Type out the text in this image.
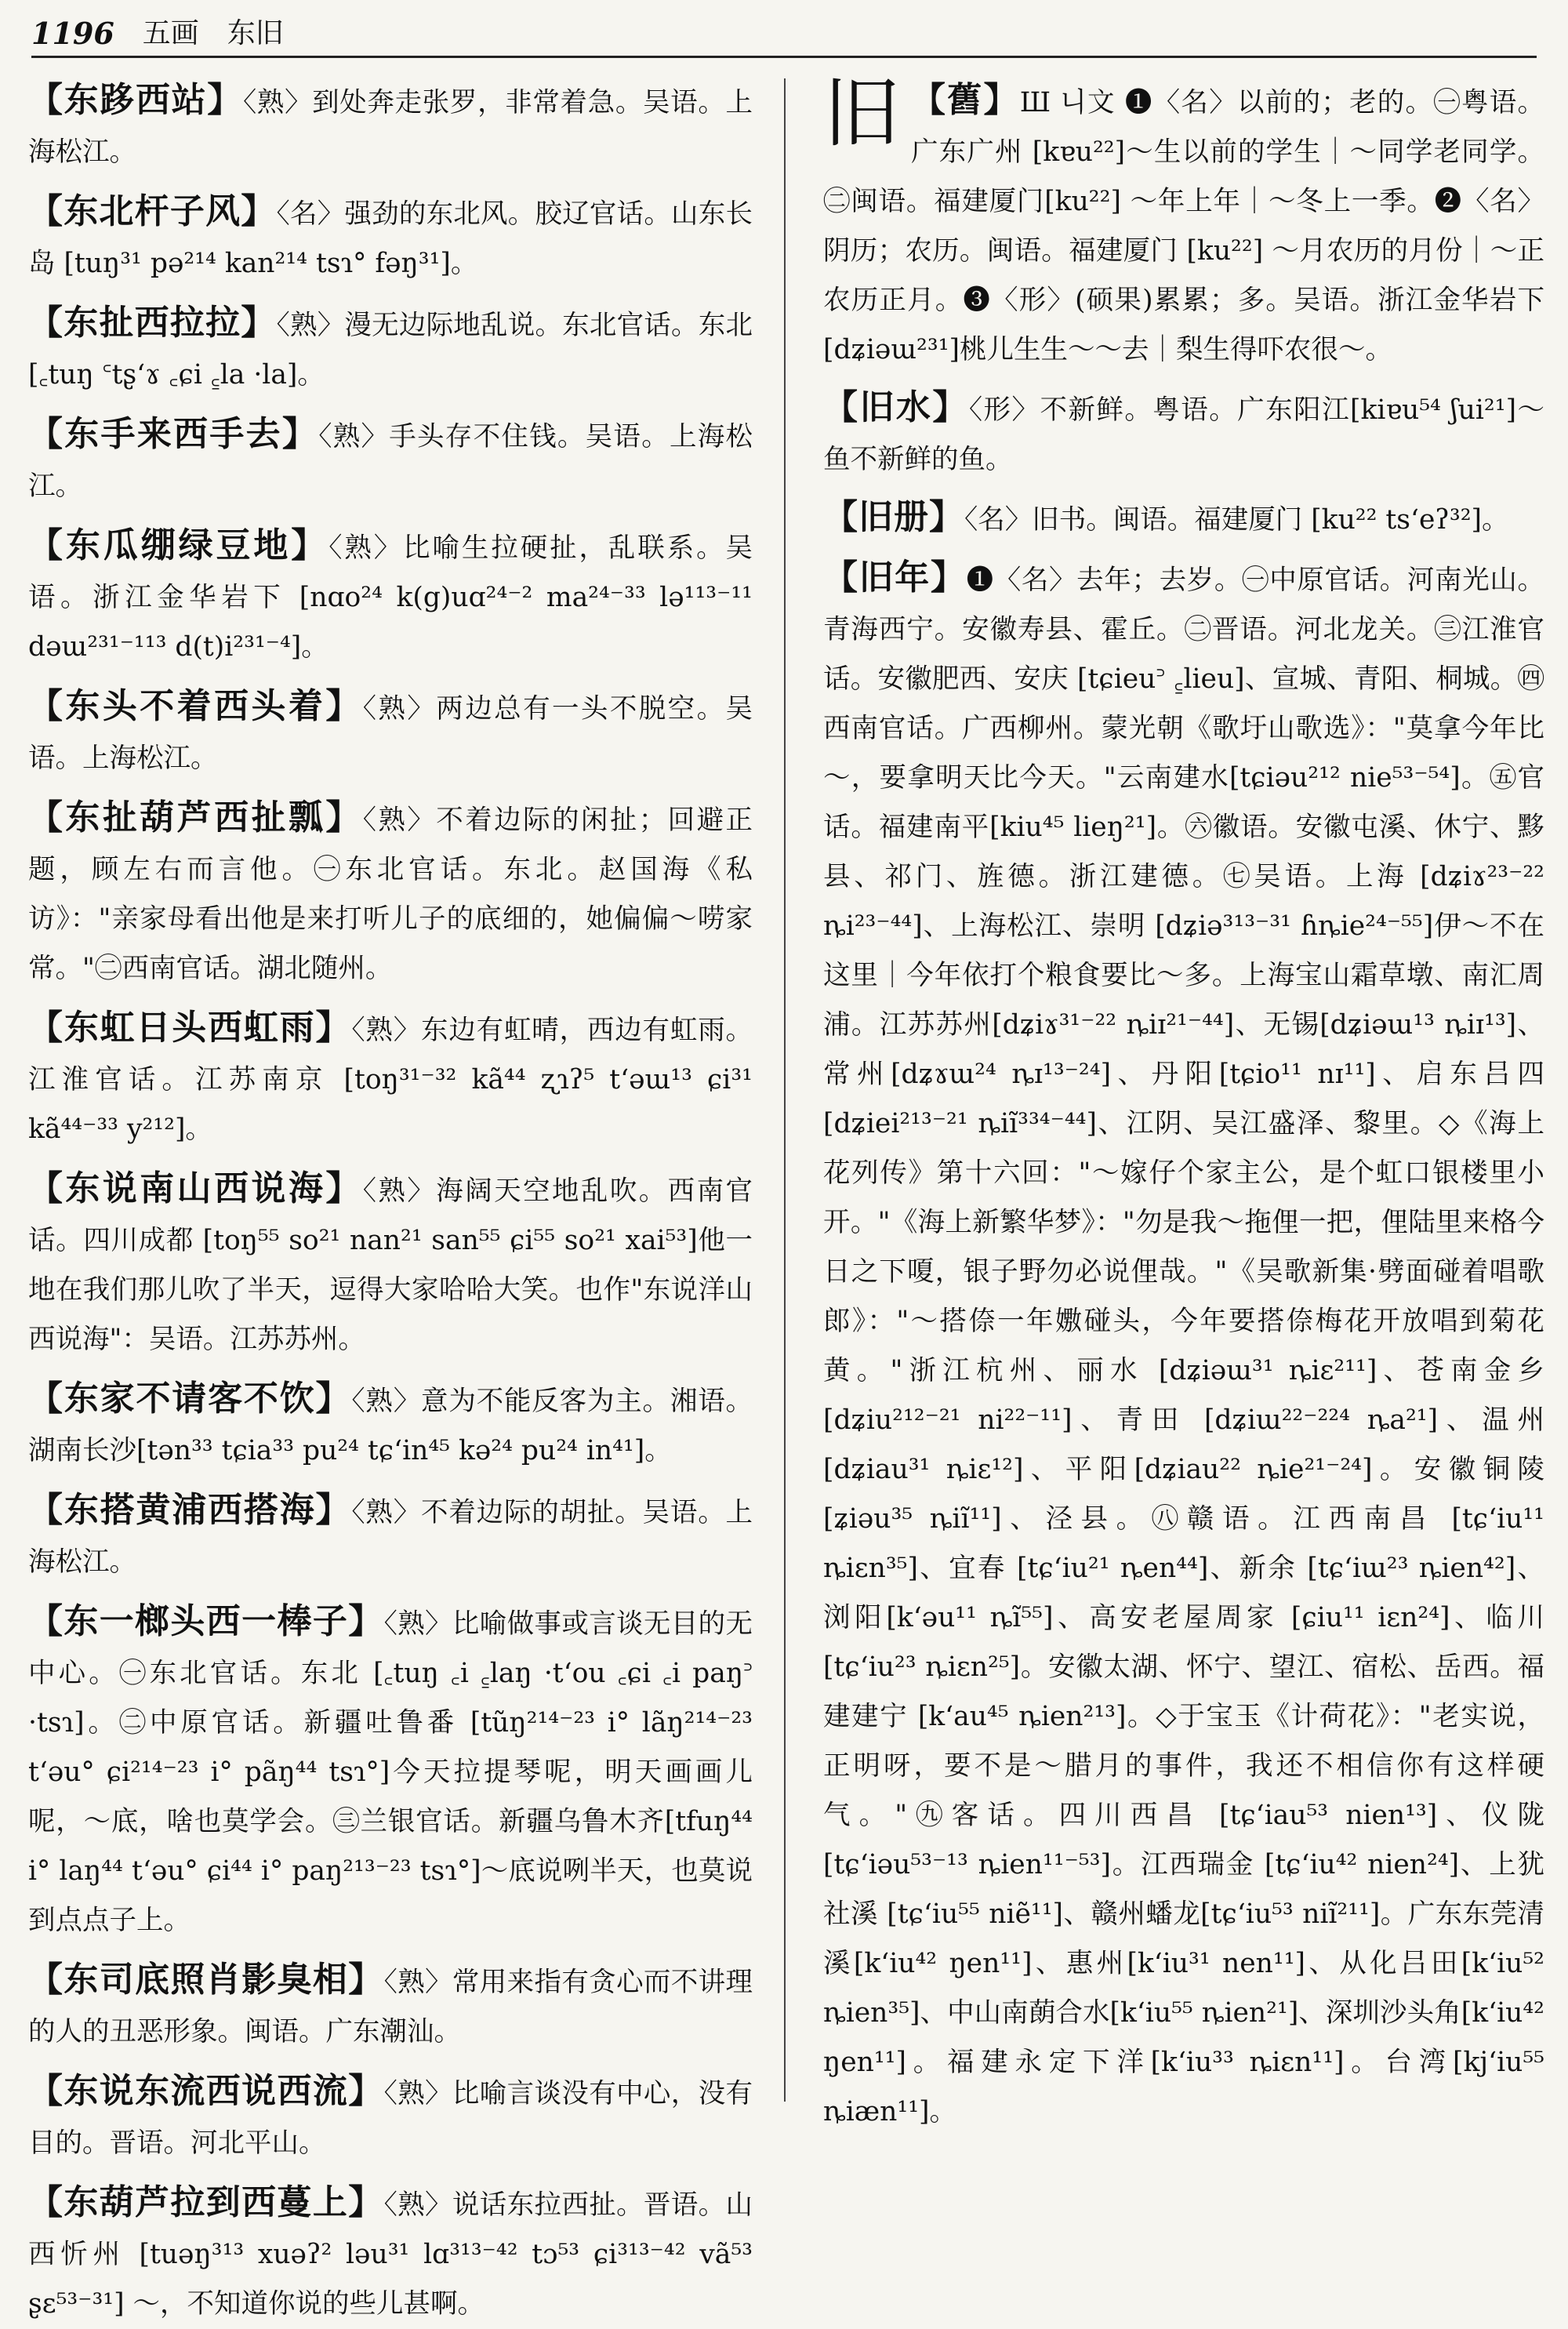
1196 五画 东旧

【东跢西站】〈熟〉到处奔走张罗，非常着急。吴语。上海松江。

【东北杆子风】〈名〉强劲的东北风。胶辽官话。山东长岛 [tuŋ³¹ pə²¹⁴ kan²¹⁴ tsɿ° fəŋ³¹]。

【东扯西拉拉】〈熟〉漫无边际地乱说。东北官话。东北 [꜀tuŋ ꜂tʂʻɤ ꜀ɕi ꜁la ·la]。

【东手来西手去】〈熟〉手头存不住钱。吴语。上海松江。

【东瓜绷绿豆地】〈熟〉比喻生拉硬扯，乱联系。吴语。浙江金华岩下 [nɑo²⁴ k(g)uɑ²⁴⁻² ma²⁴⁻³³ lə¹¹³⁻¹¹ dəɯ²³¹⁻¹¹³ d(t)i²³¹⁻⁴]。

【东头不着西头着】〈熟〉两边总有一头不脱空。吴语。上海松江。

【东扯葫芦西扯瓢】〈熟〉不着边际的闲扯；回避正题，顾左右而言他。㊀东北官话。东北。赵国海《私访》："亲家母看出他是来打听儿子的底细的，她偏偏～唠家常。"㊁西南官话。湖北随州。

【东虹日头西虹雨】〈熟〉东边有虹晴，西边有虹雨。江淮官话。江苏南京 [toŋ³¹⁻³² kã⁴⁴ ʐɿʔ⁵ tʻəɯ¹³ ɕi³¹ kã⁴⁴⁻³³ y²¹²]。

【东说南山西说海】〈熟〉海阔天空地乱吹。西南官话。四川成都 [toŋ⁵⁵ so²¹ nan²¹ san⁵⁵ ɕi⁵⁵ so²¹ xai⁵³]他一地在我们那儿吹了半天，逗得大家哈哈大笑。也作"东说洋山西说海"：吴语。江苏苏州。

【东家不请客不饮】〈熟〉意为不能反客为主。湘语。湖南长沙[tən³³ tɕia³³ pu²⁴ tɕʻin⁴⁵ kə²⁴ pu²⁴ in⁴¹]。

【东搭黄浦西搭海】〈熟〉不着边际的胡扯。吴语。上海松江。

【东一榔头西一棒子】〈熟〉比喻做事或言谈无目的无中心。㊀东北官话。东北 [꜀tuŋ ꜀i ꜁laŋ ·tʻou ꜀ɕi ꜀i paŋ꜄ ·tsɿ]。㊁中原官话。新疆吐鲁番 [tũŋ²¹⁴⁻²³ i° lãŋ²¹⁴⁻²³ tʻəu° ɕi²¹⁴⁻²³ i° pãŋ⁴⁴ tsɿ°]今天拉提琴呢，明天画画儿呢，～底，啥也莫学会。㊂兰银官话。新疆乌鲁木齐[tfuŋ⁴⁴ i° laŋ⁴⁴ tʻəu° ɕi⁴⁴ i° paŋ²¹³⁻²³ tsɿ°]～底说咧半天，也莫说到点点子上。

【东司底照肖影臭相】〈熟〉常用来指有贪心而不讲理的人的丑恶形象。闽语。广东潮汕。

【东说东流西说西流】〈熟〉比喻言谈没有中心，没有目的。晋语。河北平山。

【东葫芦拉到西蔓上】〈熟〉说话东拉西扯。晋语。山西忻州 [tuəŋ³¹³ xuəʔ² ləu³¹ lɑ³¹³⁻⁴² tɔ⁵³ ɕi³¹³⁻⁴² vã⁵³ ʂɛ⁵³⁻³¹] ～，不知道你说的些儿甚啊。

旧 【舊】Ш 니文 ❶〈名〉以前的；老的。㊀粤语。广东广州 [kɐu²²]～生以前的学生｜～同学老同学。㊁闽语。福建厦门[ku²²] ～年上年｜～冬上一季。❷〈名〉阴历；农历。闽语。福建厦门 [ku²²] ～月农历的月份｜～正农历正月。❸〈形〉(硕果)累累；多。吴语。浙江金华岩下 [dʑiəɯ²³¹]桃儿生生～～去｜梨生得吓农很～。

【旧水】〈形〉不新鲜。粤语。广东阳江[kiɐu⁵⁴ ʃui²¹]～鱼不新鲜的鱼。

【旧册】〈名〉旧书。闽语。福建厦门 [ku²² tsʻeʔ³²]。

【旧年】❶〈名〉去年；去岁。㊀中原官话。河南光山。青海西宁。安徽寿县、霍丘。㊁晋语。河北龙关。㊂江淮官话。安徽肥西、安庆 [tɕieu꜄ ꜁lieu]、宣城、青阳、桐城。㊃西南官话。广西柳州。蒙光朝《歌圩山歌选》："莫拿今年比～，要拿明天比今天。"云南建水[tɕiəu²¹² nie⁵³⁻⁵⁴]。㊄官话。福建南平[kiu⁴⁵ lieŋ²¹]。㊅徽语。安徽屯溪、休宁、黟县、祁门、旌德。浙江建德。㊆吴语。上海 [dʑiɤ²³⁻²² ȵi²³⁻⁴⁴]、上海松江、崇明 [dʑiə³¹³⁻³¹ ɦȵie²⁴⁻⁵⁵]伊～不在这里｜今年依打个粮食要比～多。上海宝山霜草墩、南汇周浦。江苏苏州[dʑiɤ³¹⁻²² ȵiɪ²¹⁻⁴⁴]、无锡[dʑiəɯ¹³ ȵiɪ¹³]、常州[dʑɤɯ²⁴ ȵɪ¹³⁻²⁴]、丹阳[tɕio¹¹ nɪ¹¹]、启东吕四 [dʑiei²¹³⁻²¹ ȵiĩ³³⁴⁻⁴⁴]、江阴、吴江盛泽、黎里。◇《海上花列传》第十六回："～嫁仔个家主公，是个虹口银楼里小开。"《海上新繁华梦》："勿是我～拖俚一把，俚陆里来格今日之下嗄，银子野勿必说俚哉。"《吴歌新集·劈面碰着唱歌郎》："～搭倷一年嫐碰头，今年要搭倷梅花开放唱到菊花黄。"浙江杭州、丽水 [dʑiəɯ³¹ ȵiɛ²¹¹]、苍南金乡 [dʑiu²¹²⁻²¹ ni²²⁻¹¹]、青田 [dʑiɯ²²⁻²²⁴ ȵa²¹]、温州 [dʑiau³¹ ȵiɛ¹²]、平阳[dʑiau²² ȵie²¹⁻²⁴]。安徽铜陵 [ʑiəu³⁵ ȵiĩ¹¹]、泾县。㊇赣语。江西南昌 [tɕʻiu¹¹ ȵiɛn³⁵]、宜春 [tɕʻiu²¹ ȵen⁴⁴]、新余 [tɕʻiɯ²³ ȵien⁴²]、浏阳[kʻəu¹¹ ȵĩ⁵⁵]、高安老屋周家 [ɕiu¹¹ iɛn²⁴]、临川[tɕʻiu²³ ȵiɛn²⁵]。安徽太湖、怀宁、望江、宿松、岳西。福建建宁 [kʻau⁴⁵ ȵien²¹³]。◇于宝玉《计荷花》："老实说，正明呀，要不是～腊月的事件，我还不相信你有这样硬气。"㊈客话。四川西昌 [tɕʻiau⁵³ nien¹³]、仪陇 [tɕʻiəu⁵³⁻¹³ ȵien¹¹⁻⁵³]。江西瑞金 [tɕʻiu⁴² nien²⁴]、上犹社溪 [tɕʻiu⁵⁵ niẽ¹¹]、赣州蟠龙[tɕʻiu⁵³ niĩ²¹¹]。广东东莞清溪[kʻiu⁴² ŋen¹¹]、惠州[kʻiu³¹ nen¹¹]、从化吕田[kʻiu⁵² ȵien³⁵]、中山南蓢合水[kʻiu⁵⁵ ȵien²¹]、深圳沙头角[kʻiu⁴² ŋen¹¹]。福建永定下洋[kʻiu³³ ȵiɛn¹¹]。台湾[kjʻiu⁵⁵ ȵiæn¹¹]。
